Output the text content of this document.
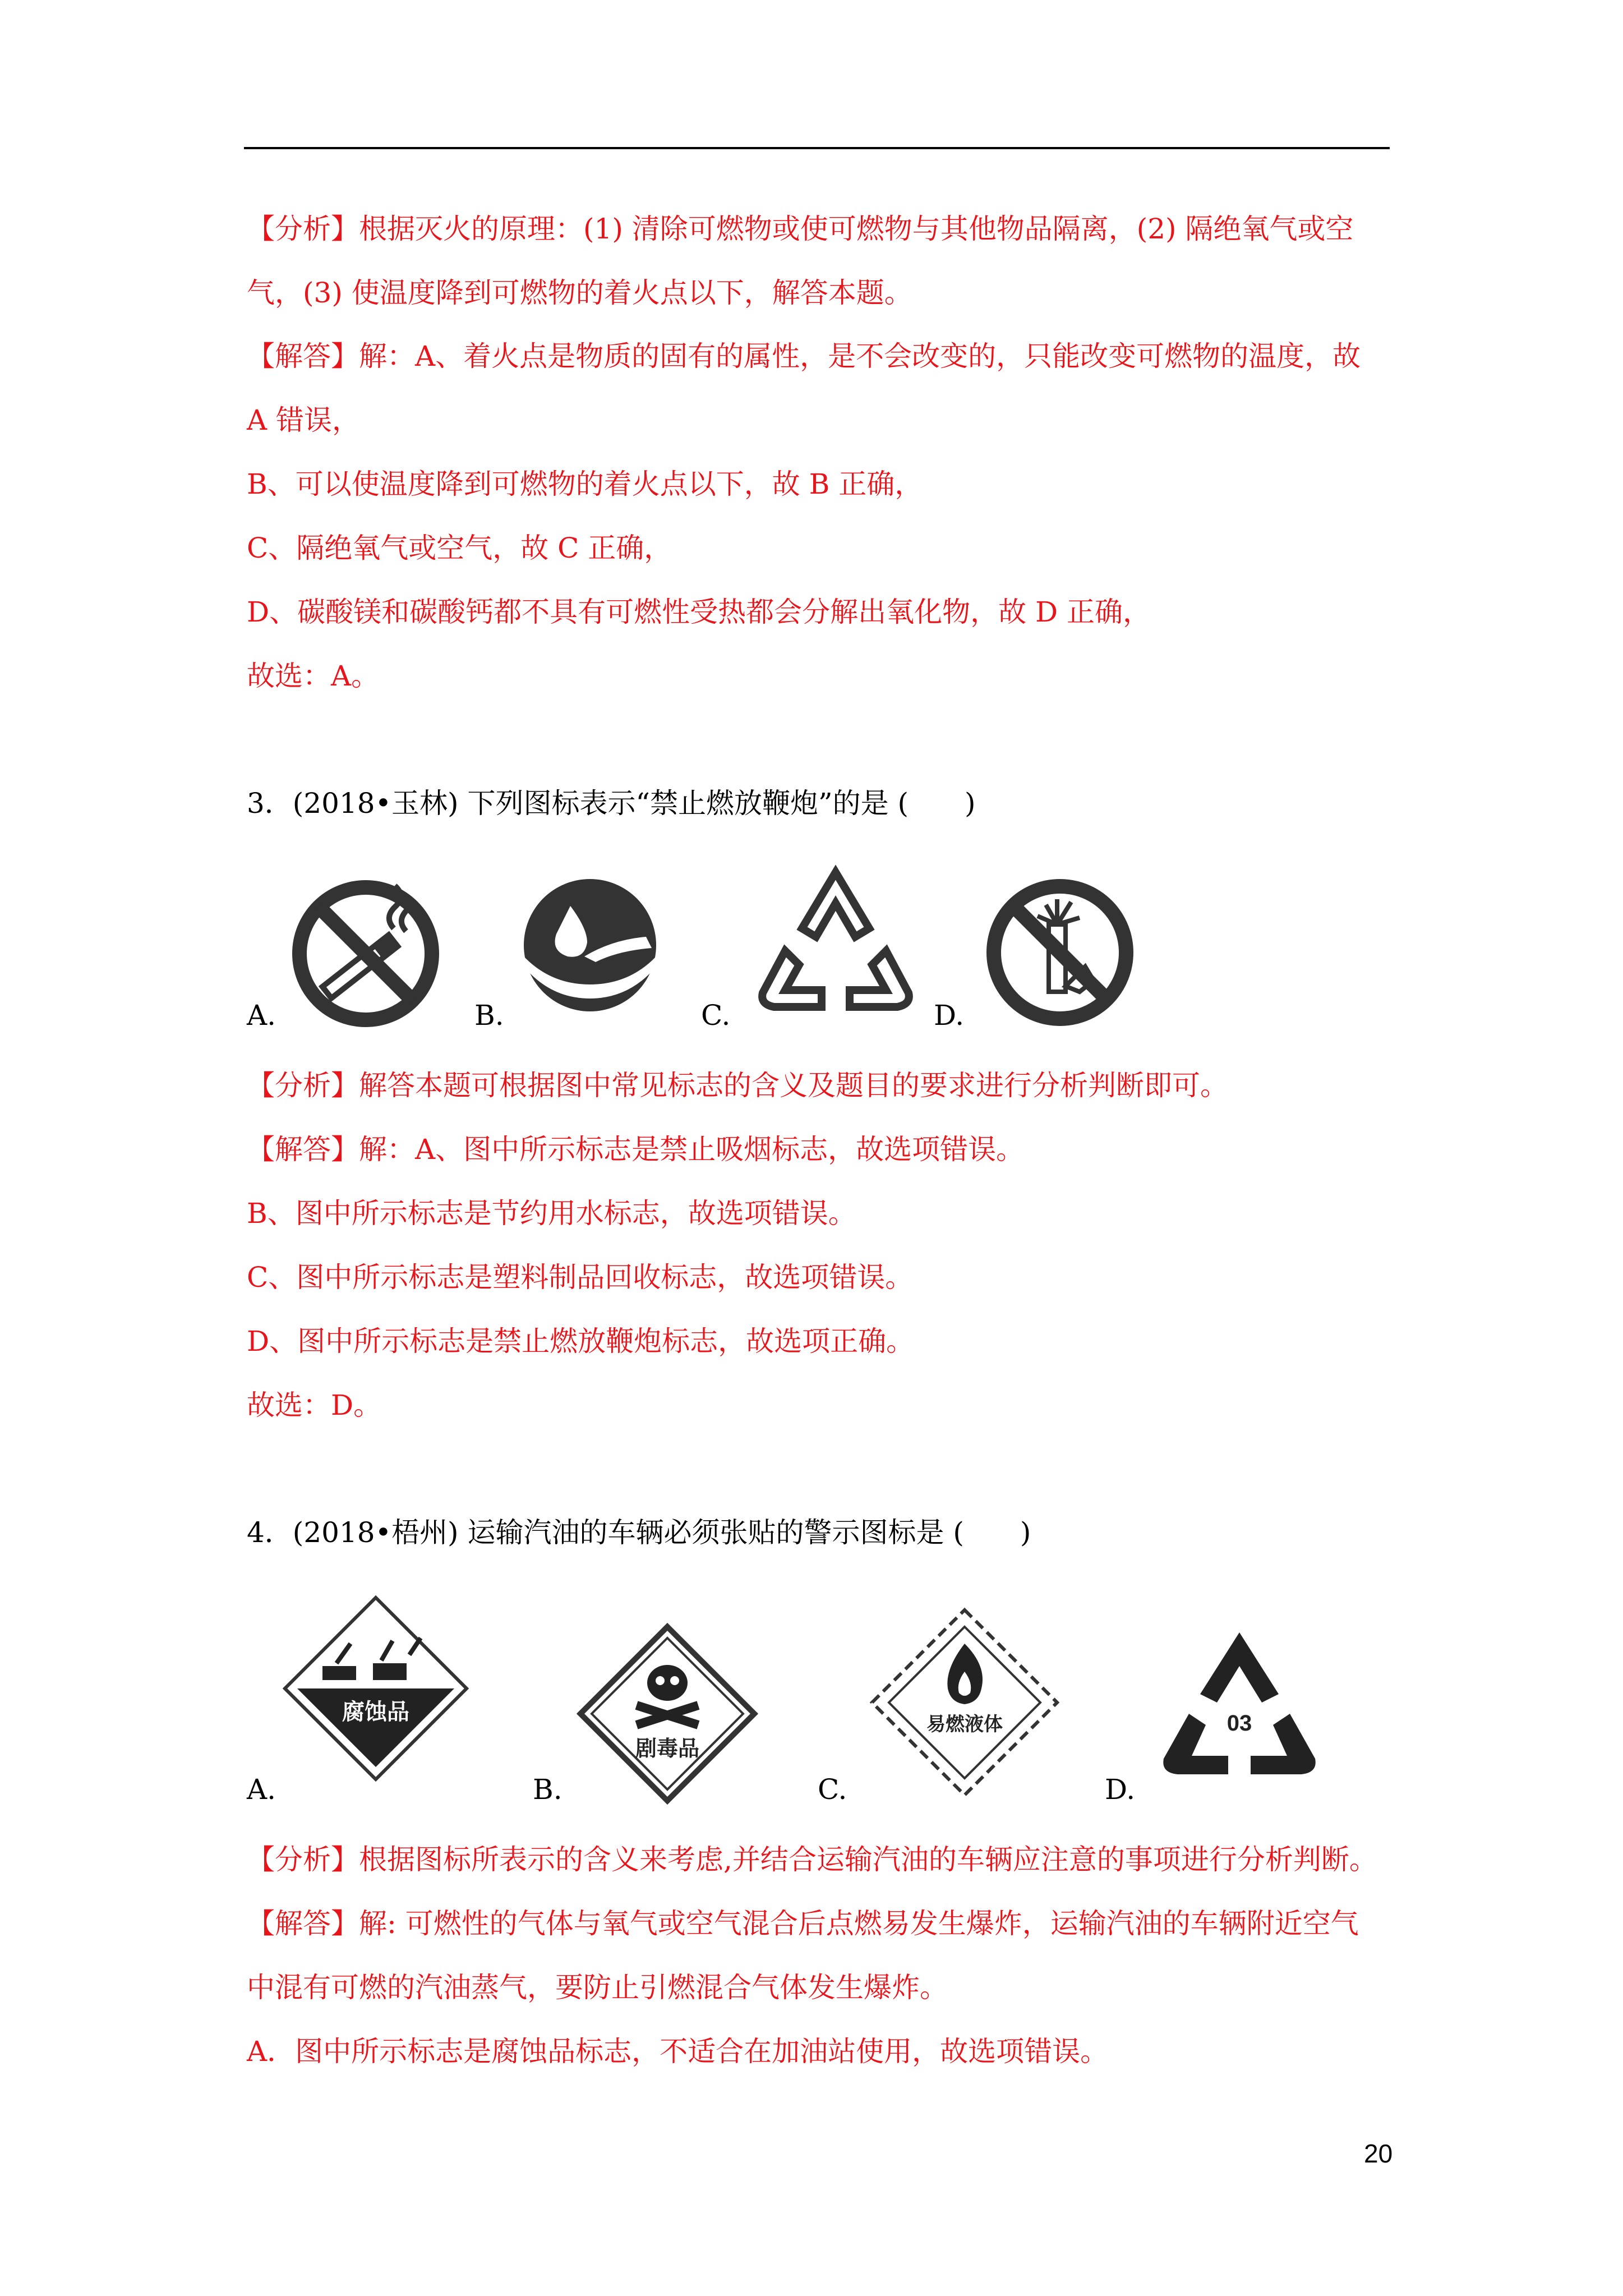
【分析】根据灭火的原理：(1) 清除可燃物或使可燃物与其他物品隔离，(2) 隔绝氧气或空
气，(3) 使温度降到可燃物的着火点以下，解答本题。
【解答】解：A、着火点是物质的固有的属性，是不会改变的，只能改变可燃物的温度，故
A 错误，
B、可以使温度降到可燃物的着火点以下，故 B 正确，
C、隔绝氧气或空气，故 C 正确，
D、碳酸镁和碳酸钙都不具有可燃性受热都会分解出氧化物，故 D 正确，
故选：A。
3．(2018•玉林) 下列图标表示“禁止燃放鞭炮”的是 (　　)
A.	B.	C.	D.
【分析】解答本题可根据图中常见标志的含义及题目的要求进行分析判断即可。
【解答】解：A、图中所示标志是禁止吸烟标志，故选项错误。
B、图中所示标志是节约用水标志，故选项错误。
C、图中所示标志是塑料制品回收标志，故选项错误。
D、图中所示标志是禁止燃放鞭炮标志，故选项正确。
故选：D。
4．(2018•梧州) 运输汽油的车辆必须张贴的警示图标是 (　　)
A.
腐蚀品
B.
剧毒品
C.
易燃液体
D.
03
【分析】根据图标所表示的含义来考虑,并结合运输汽油的车辆应注意的事项进行分析判断。
【解答】解: 可燃性的气体与氧气或空气混合后点燃易发生爆炸，运输汽油的车辆附近空气
中混有可燃的汽油蒸气，要防止引燃混合气体发生爆炸。
A．图中所示标志是腐蚀品标志，不适合在加油站使用，故选项错误。
20
